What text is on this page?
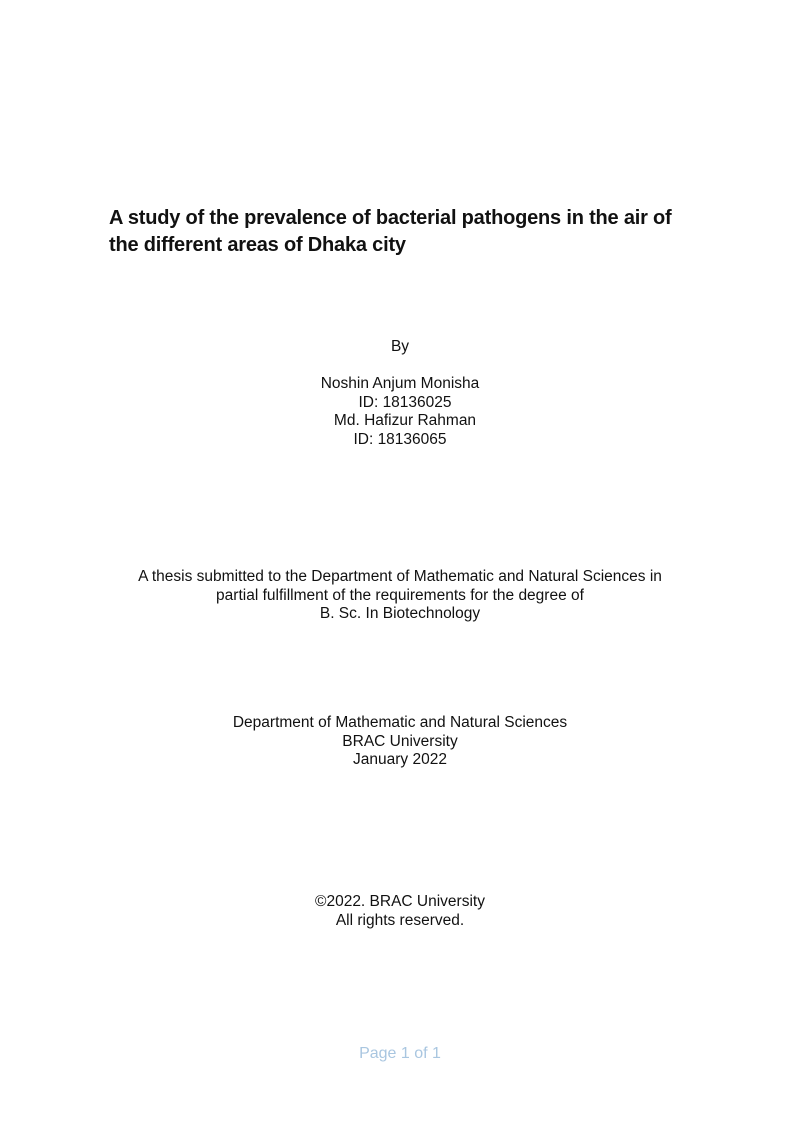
A study of the prevalence of bacterial pathogens in the air of
the different areas of Dhaka city
By
Noshin Anjum Monisha
ID: 18136025
Md. Hafizur Rahman
ID: 18136065
A thesis submitted to the Department of Mathematic and Natural Sciences in
partial fulfillment of the requirements for the degree of
B. Sc. In Biotechnology
Department of Mathematic and Natural Sciences
BRAC University
January 2022
©2022. BRAC University
All rights reserved.
Page 1 of 1
